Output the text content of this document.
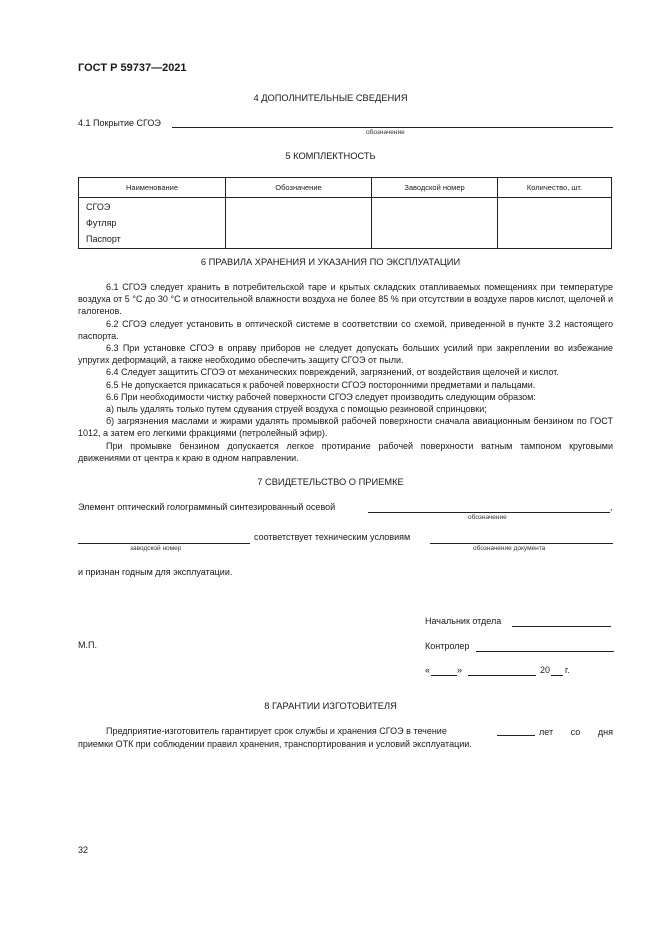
ГОСТ Р 59737—2021
4 ДОПОЛНИТЕЛЬНЫЕ СВЕДЕНИЯ
4.1 Покрытие СГОЭ
обозначение
5 КОМПЛЕКТНОСТЬ
Наименование	Обозначение	Заводской номер	Количество, шт.

СГОЭ
Футляр
Паспорт			

6 ПРАВИЛА ХРАНЕНИЯ И УКАЗАНИЯ ПО ЭКСПЛУАТАЦИИ

6.1 СГОЭ следует хранить в потребительской таре и крытых складских отапливаемых помещениях при температуре воздуха от 5 °С до 30 °С и относительной влажности воздуха не более 85 % при отсутствии в воздухе паров кислот, щелочей и галогенов.

6.2 СГОЭ следует установить в оптической системе в соответствии со схемой, приведенной в пункте 3.2 настоящего паспорта.

6.3 При установке СГОЭ в оправу приборов не следует допускать больших усилий при закреплении во избежание упругих деформаций, а также необходимо обеспечить защиту СГОЭ от пыли.

6.4 Следует защитить СГОЭ от механических повреждений, загрязнений, от воздействия щелочей и кислот.

6.5 Не допускается прикасаться к рабочей поверхности СГОЭ посторонними предметами и пальцами.

6.6 При необходимости чистку рабочей поверхности СГОЭ следует производить следующим образом:

а) пыль удалять только путем сдувания струей воздуха с помощью резиновой спринцовки;

б) загрязнения маслами и жирами удалять промывкой рабочей поверхности сначала авиационным бензином по ГОСТ 1012, а затем его легкими фракциями (петролейный эфир).

При промывке бензином допускается легкое протирание рабочей поверхности ватным тампоном круговыми движениями от центра к краю в одном направлении.

7 СВИДЕТЕЛЬСТВО О ПРИЕМКЕ
Элемент оптический голограммный синтезированный осевой	,
обозначение
соответствует техническим условиям
заводской номер	обозначение документа
и признан годным для эксплуатации.
Начальник отдела
М.П.	Контролер
«	»	20 г.
8 ГАРАНТИИ ИЗГОТОВИТЕЛЯ
Предприятие-изготовитель гарантирует срок службы и хранения СГОЭ в течение	лет со дня приемки ОТК при соблюдении правил хранения, транспортирования и условий эксплуатации.
32
